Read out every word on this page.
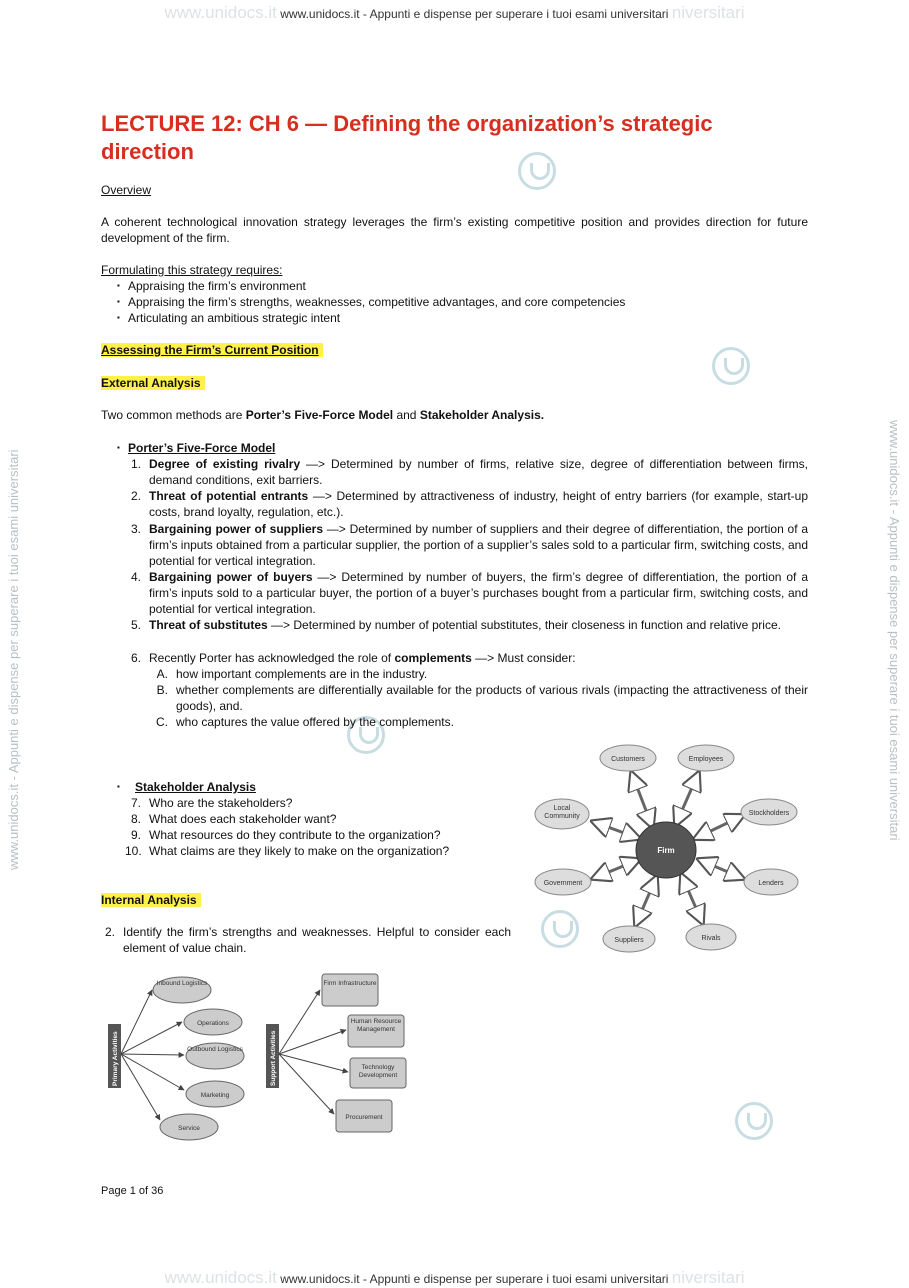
www.unidocs.it www.unidocs.it - Appunti e dispense per superare i tuoi esami universitari niversitari
www.unidocs.it www.unidocs.it - Appunti e dispense per superare i tuoi esami universitari niversitari
www.unidocs.it - Appunti e dispense per superare i tuoi esami universitari	www.unidocs.it - Appunti e dispense per superare i tuoi esami universitari
LECTURE 12: CH 6 — Defining the organization’s strategic direction
Overview
A coherent technological innovation strategy leverages the firm’s existing competitive position and provides direction for future development of the firm.
Formulating this strategy requires:
▪ Appraising the firm’s environment
▪ Appraising the firm’s strengths, weaknesses, competitive advantages, and core competencies
▪ Articulating an ambitious strategic intent
Assessing the Firm’s Current Position
External Analysis
Two common methods are Porter’s Five-Force Model and Stakeholder Analysis.
▪ Porter’s Five-Force Model
1. Degree of existing rivalry —> Determined by number of firms, relative size, degree of differentiation between firms, demand conditions, exit barriers.
2. Threat of potential entrants —> Determined by attractiveness of industry, height of entry barriers (for example, start-up costs, brand loyalty, regulation, etc.).
3. Bargaining power of suppliers —> Determined by number of suppliers and their degree of differentiation, the portion of a firm’s inputs obtained from a particular supplier, the portion of a supplier’s sales sold to a particular firm, switching costs, and potential for vertical integration.
4. Bargaining power of buyers —> Determined by number of buyers, the firm’s degree of differentiation, the portion of a firm’s inputs sold to a particular buyer, the portion of a buyer’s purchases bought from a particular firm, switching costs, and potential for vertical integration.
5. Threat of substitutes —> Determined by number of potential substitutes, their closeness in function and relative price.
6. Recently Porter has acknowledged the role of complements —> Must consider:
A. how important complements are in the industry.
B. whether complements are differentially available for the products of various rivals (impacting the attractiveness of their goods), and.
C. who captures the value offered by the complements.
▪ Stakeholder Analysis
7. Who are the stakeholders?
8. What does each stakeholder want?
9. What resources do they contribute to the organization?
10. What claims are they likely to make on the organization?	Firm
Customers	Employees
Stockholders
Lenders
Rivals
Suppliers
Government
Local Community
Internal Analysis
2. Identify the firm’s strengths and weaknesses. Helpful to consider each element of value chain.
Primary Activities
Inbound Logistics
Operations
Outbound Logistics
Marketing
Service
Support Activities
Firm Infrastructure
Human Resource Management
Technology Development
Procurement
Page 1 of 36
